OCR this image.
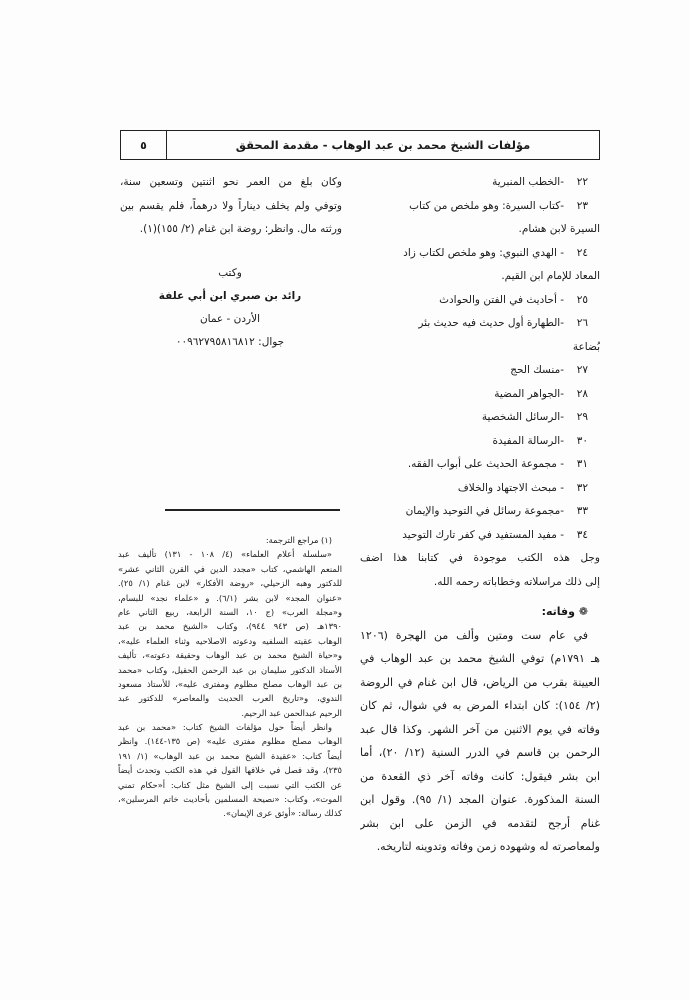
٥	مؤلفات الشيخ محمد بن عبد الوهاب - مقدمة المحقق
٢٢-الخطب المنبرية
٢٣-كتاب السيرة: وهو ملخص من كتاب
السيرة لابن هشام.
٢٤- الهدي النبوي: وهو ملخص لكتاب زاد
المعاد للإمام ابن القيم.
٢٥- أحاديث في الفتن والحوادث
٢٦-الطهارة أول حديث فيه حديث بئر
بُضاعة
٢٧-منسك الحج
٢٨-الجواهر المضية
٢٩-الرسائل الشخصية
٣٠-الرسالة المفيدة
٣١- مجموعة الحديث على أبواب الفقه.
٣٢- مبحث الاجتهاد والخلاف
٣٣-مجموعة رسائل في التوحيد والإيمان
٣٤- مفيد المستفيد في كفر تارك التوحيد
وجل هذه الكتب موجودة في كتابنا هذا اضف
إلى ذلك مراسلاته وخطاباته رحمه الله.
❁ وفاته:
في عام ست ومتين وألف من الهجرة (١٢٠٦
هـ ١٧٩١م) توفي الشيخ محمد بن عبد الوهاب في
العيينة بقرب من الرياض، قال ابن غنام في الروضة
(٢/ ١٥٤): كان ابتداء المرض به في شوال، ثم كان
وفاته في يوم الاثنين من آخر الشهر. وكذا قال عبد
الرحمن بن قاسم في الدرر السنية (١٢/ ٢٠)، أما
ابن بشر فيقول: كانت وفاته آخر ذي القعدة من
السنة المذكورة. عنوان المجد (١/ ٩٥). وقول ابن
غنام أرجح لتقدمه في الزمن على ابن بشر
ولمعاصرته له وشهوده زمن وفاته وتدوينه لتاريخه.
وكان بلغ من العمر نحو اثنتين وتسعين سنة،
وتوفي ولم يخلف ديناراً ولا درهماً، فلم يقسم بين
ورثته مال. وانظر: روضة ابن غنام (٢/ ١٥٥)(١).
وكتب
رائد بن صبري ابن أبي علفة
الأردن - عمان
جوال: ٠٠٩٦٢٧٩٥٨١٦٨١٢
(١) مراجع الترجمة:
«سلسلة أعلام العلماء» (٤/ ١٠٨ - ١٣١) تأليف عبد
المنعم الهاشمي، كتاب «مجدد الدين في القرن الثاني عشر»
للدكتور وهبه الزحيلي، «روضة الأفكار» لابن غنام (١/ ٢٥).
«عنوان المجد» لابن بشر (٦/١). و «علماء نجد» للبسام،
و«مجلة العرب» (ج ١٠، السنة الرابعة، ربيع الثاني عام
١٣٩٠هـ (ص ٩٤٣ ٩٤٤)، وكتاب «الشيخ محمد بن عبد
الوهاب عقيته السلفيه ودعوته الاصلاحيه وثناء العلماء عليه»،
و«حياة الشيخ محمد بن عبد الوهاب وحقيقة دعوته»، تأليف
الأستاذ الدكتور سليمان بن عبد الرحمن الحقيل، وكتاب «محمد
بن عبد الوهاب مصلح مظلوم ومفترى عليه»، للأستاذ مسعود
الندوي، و«تاريخ العرب الحديث والمعاصر» للدكتور عبد
الرحيم عبدالحمن عبد الرحيم.
وانظر أيضاً حول مؤلفات الشيخ كتاب: «محمد بن عبد
الوهاب مصلح مظلوم مفترى عليه» (ص ١٣٥-١٤٤). وانظر
أيضاً كتاب: «عقيدة الشيخ محمد بن عبد الوهاب» (١/ ١٩١
٢٣٥)، وقد فصل في خلافها القول في هذه الكتب وتحدث أيضاً
عن الكتب التي نسبت إلى الشيخ مثل كتاب: أ«حكام تمني
الموت»، وكتاب: «نصيحة المسلمين بأحاديث خاتم المرسلين»،
كذلك رسالة: «أوثق عرى الإيمان».
